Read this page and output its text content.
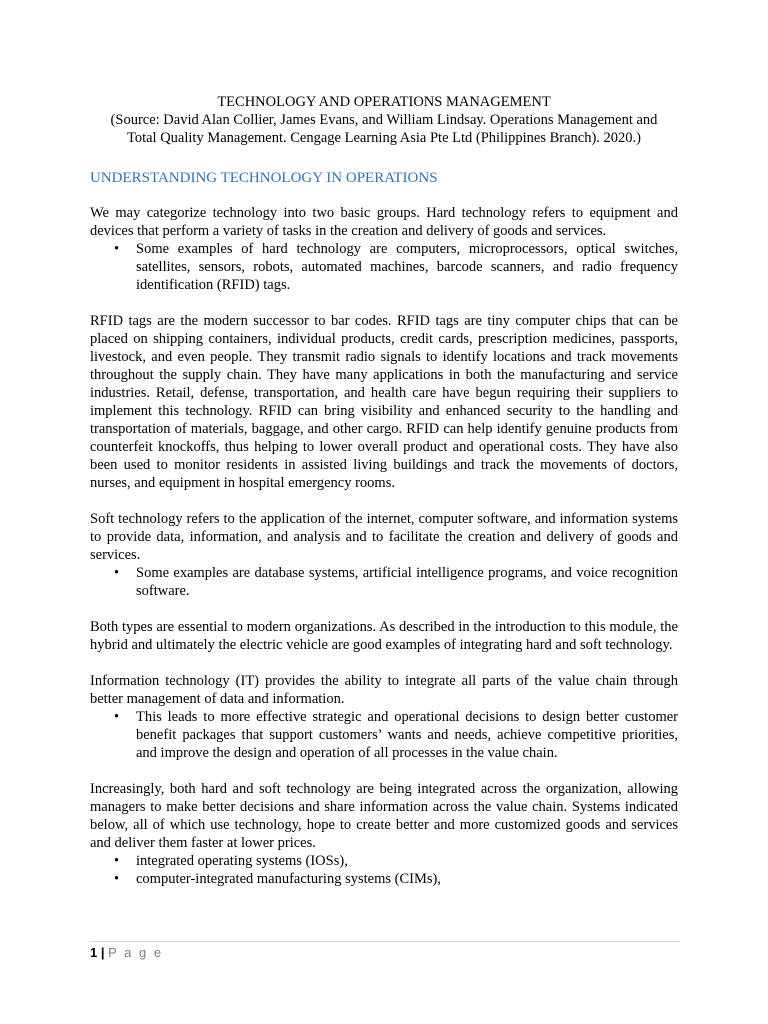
TECHNOLOGY AND OPERATIONS MANAGEMENT
(Source: David Alan Collier, James Evans, and William Lindsay. Operations Management and
Total Quality Management. Cengage Learning Asia Pte Ltd (Philippines Branch). 2020.)
UNDERSTANDING TECHNOLOGY IN OPERATIONS

We may categorize technology into two basic groups. Hard technology refers to equipment and devices that perform a variety of tasks in the creation and delivery of goods and services.

• Some examples of hard technology are computers, microprocessors, optical switches, satellites, sensors, robots, automated machines, barcode scanners, and radio frequency identification (RFID) tags.

RFID tags are the modern successor to bar codes. RFID tags are tiny computer chips that can be placed on shipping containers, individual products, credit cards, prescription medicines, passports, livestock, and even people. They transmit radio signals to identify locations and track movements throughout the supply chain. They have many applications in both the manufacturing and service industries. Retail, defense, transportation, and health care have begun requiring their suppliers to implement this technology. RFID can bring visibility and enhanced security to the handling and transportation of materials, baggage, and other cargo. RFID can help identify genuine products from counterfeit knockoffs, thus helping to lower overall product and operational costs. They have also been used to monitor residents in assisted living buildings and track the movements of doctors, nurses, and equipment in hospital emergency rooms.

Soft technology refers to the application of the internet, computer software, and information systems to provide data, information, and analysis and to facilitate the creation and delivery of goods and services.

• Some examples are database systems, artificial intelligence programs, and voice recognition software.

Both types are essential to modern organizations. As described in the introduction to this module, the hybrid and ultimately the electric vehicle are good examples of integrating hard and soft technology.

Information technology (IT) provides the ability to integrate all parts of the value chain through better management of data and information.

• This leads to more effective strategic and operational decisions to design better customer benefit packages that support customers’ wants and needs, achieve competitive priorities, and improve the design and operation of all processes in the value chain.

Increasingly, both hard and soft technology are being integrated across the organization, allowing managers to make better decisions and share information across the value chain. Systems indicated below, all of which use technology, hope to create better and more customized goods and services and deliver them faster at lower prices.

• integrated operating systems (IOSs),
• computer-integrated manufacturing systems (CIMs),
1 | P a g e
